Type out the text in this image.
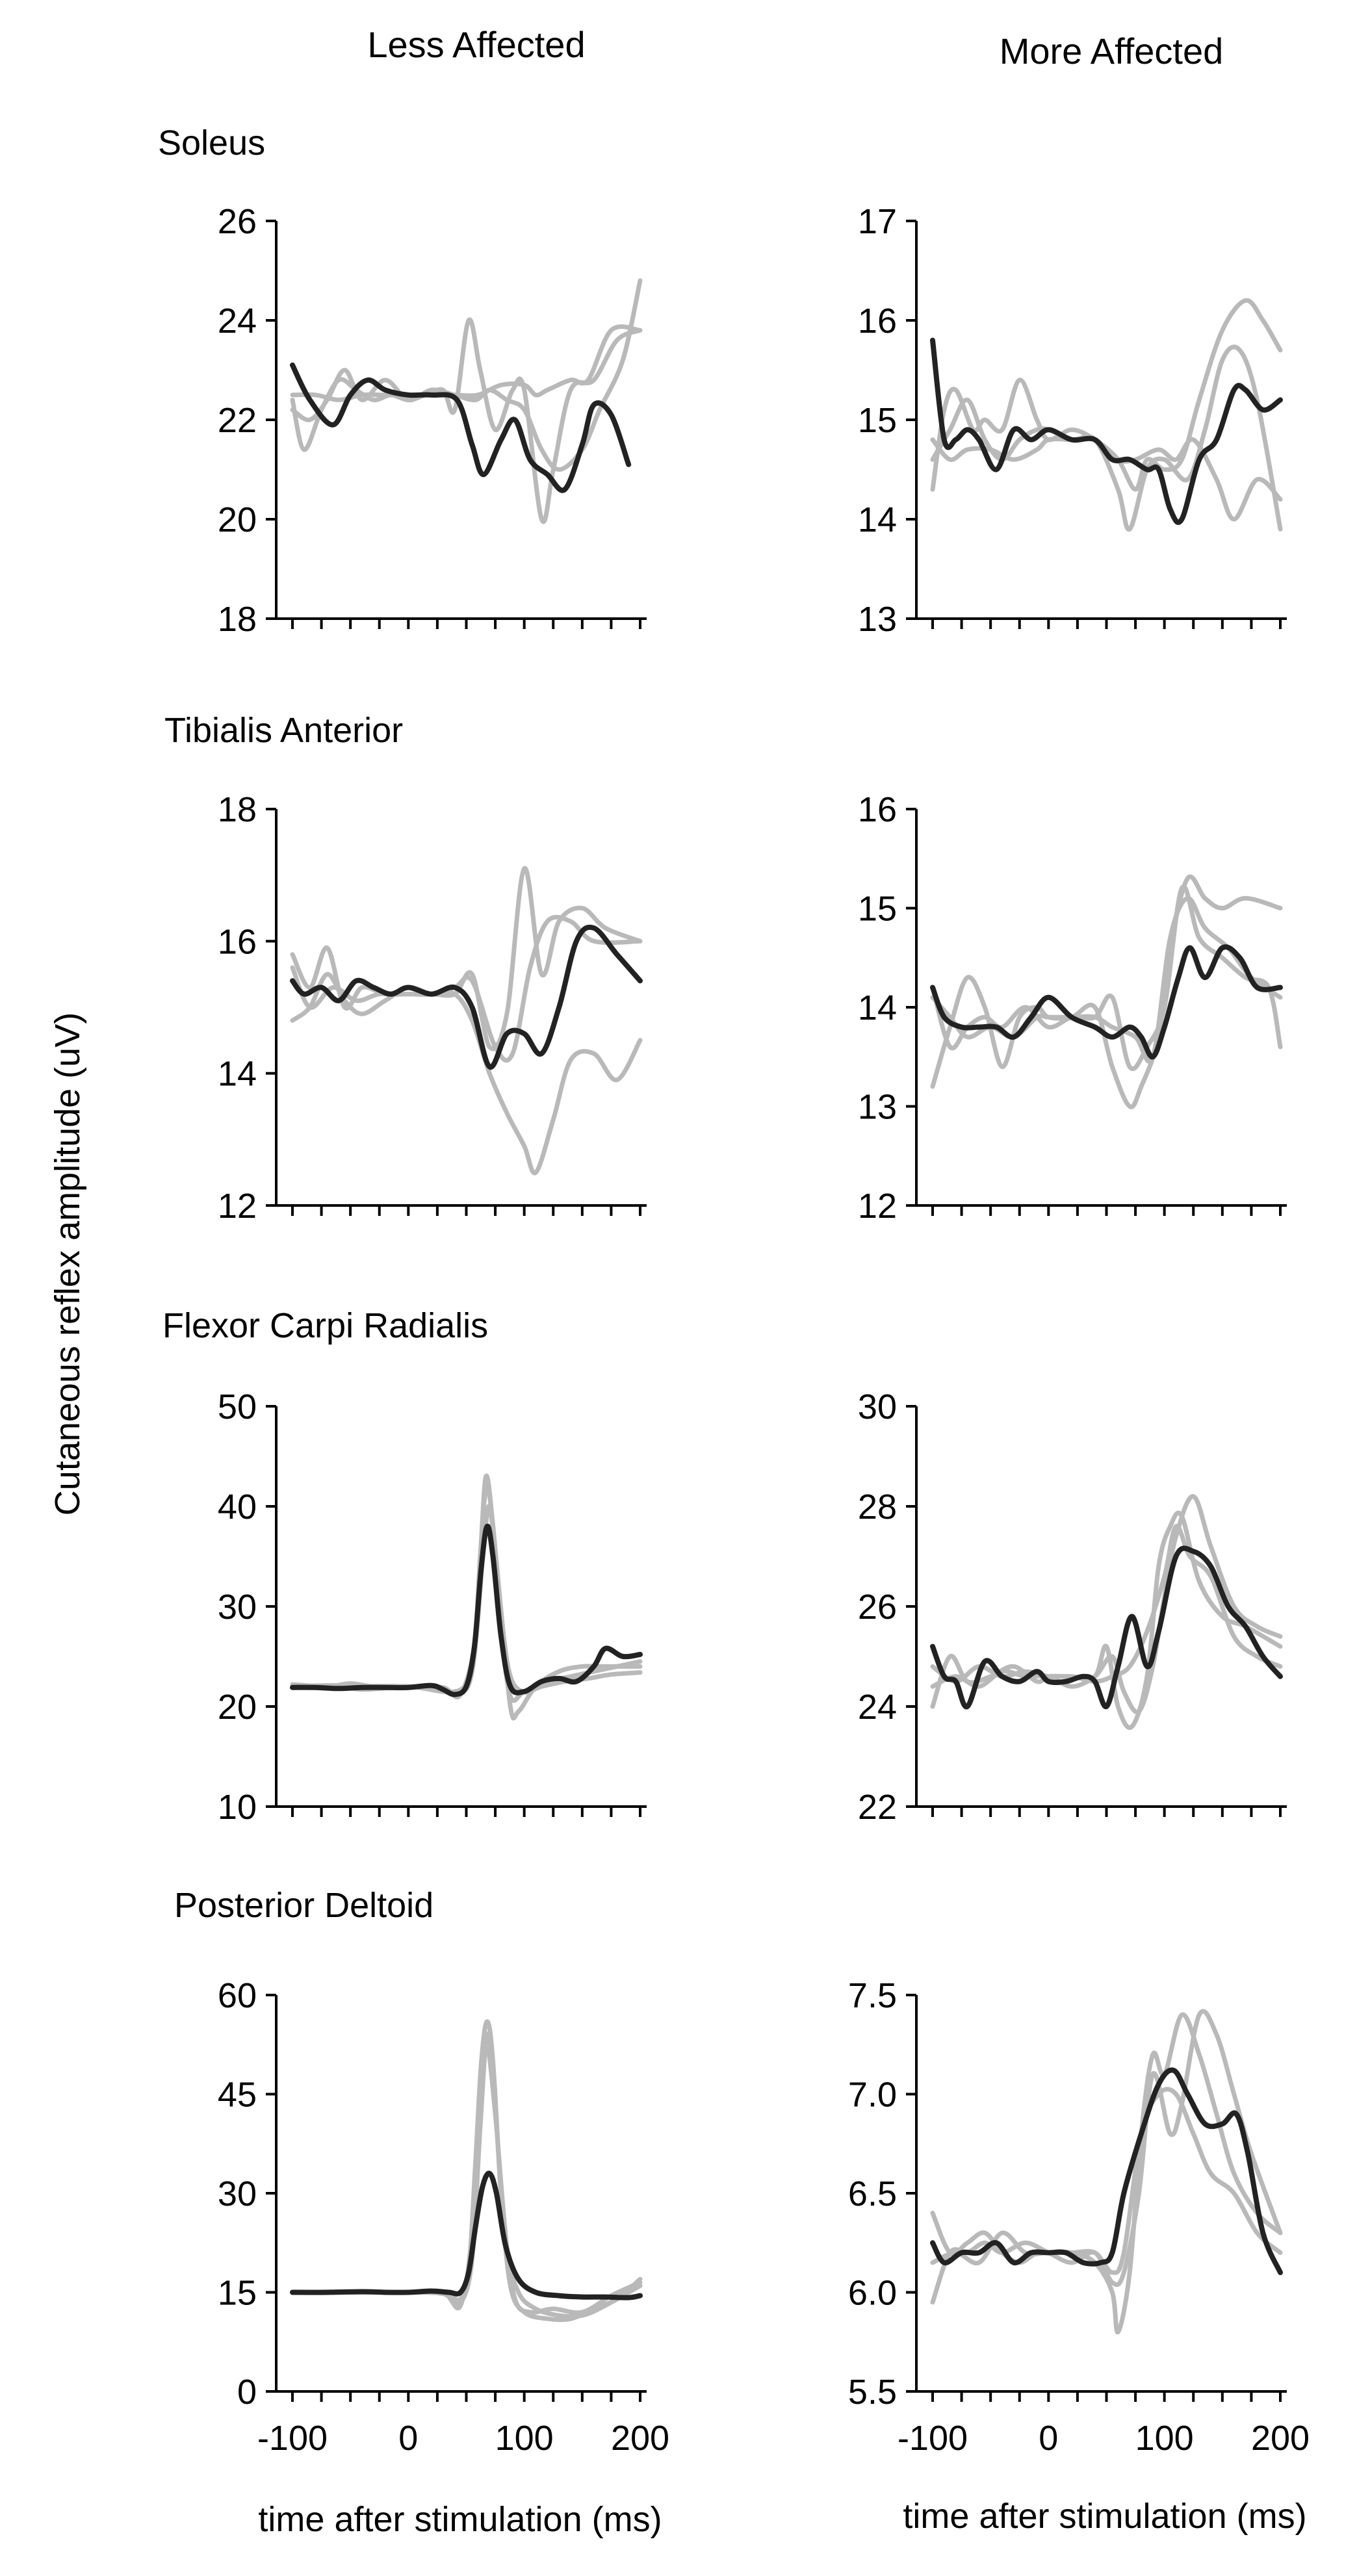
Less Affected	More Affected
Soleus
Tibialis Anterior
Flexor Carpi Radialis
Posterior Deltoid
Cutaneous reflex amplitude (uV)
time after stimulation (ms)	time after stimulation (ms)
18
20
22
24
26
13
14
15
16
17
12
14
16
18
12
13
14
15
16
10
20
30
40
50
22
24
26
28
30
0
15
30
45
60
-100 0 100 200
5.5
6.0
6.5
7.0
7.5
-100 0 100 200
